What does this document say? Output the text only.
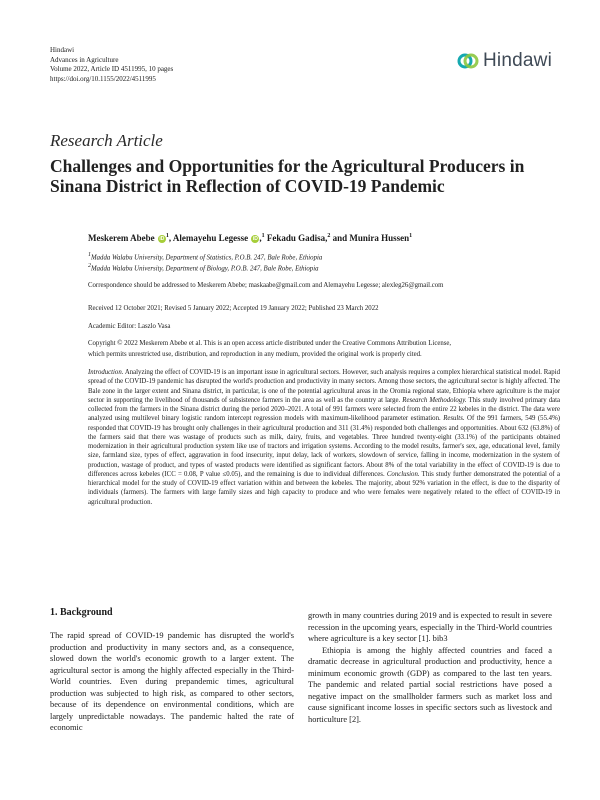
Hindawi
Advances in Agriculture
Volume 2022, Article ID 4511995, 10 pages
https://doi.org/10.1155/2022/4511995
Hindawi
Research Article
Challenges and Opportunities for the Agricultural Producers in Sinana District in Reflection of COVID-19 Pandemic
Meskerem Abebe iD $^1$, Alemayehu Legesse iD ,$^1$ Fekadu Gadisa,$^2$ and Munira Hussen$^1$
$^1$Madda Walabu University, Department of Statistics, P.O.B. 247, Bale Robe, Ethiopia
$^2$Madda Walabu University, Department of Biology, P.O.B. 247, Bale Robe, Ethiopia
Correspondence should be addressed to Meskerem Abebe; maskaabe@gmail.com and Alemayehu Legesse; alexleg26@gmail.com
Received 12 October 2021; Revised 5 January 2022; Accepted 19 January 2022; Published 23 March 2022
Academic Editor: Laszlo Vasa
Copyright © 2022 Meskerem Abebe et al. This is an open access article distributed under the Creative Commons Attribution License,
which permits unrestricted use, distribution, and reproduction in any medium, provided the original work is properly cited.

Introduction. Analyzing the effect of COVID-19 is an important issue in agricultural sectors. However, such analysis requires a complex hierarchical statistical model. Rapid spread of the COVID-19 pandemic has disrupted the world's production and productivity in many sectors. Among those sectors, the agricultural sector is highly affected. The Bale zone in the larger extent and Sinana district, in particular, is one of the potential agricultural areas in the Oromia regional state, Ethiopia where agriculture is the major sector in supporting the livelihood of thousands of subsistence farmers in the area as well as the country at large. Research Methodology. This study involved primary data collected from the farmers in the Sinana district during the period 2020–2021. A total of 991 farmers were selected from the entire 22 kebeles in the district. The data were analyzed using multilevel binary logistic random intercept regression models with maximum-likelihood parameter estimation. Results. Of the 991 farmers, 549 (55.4%) responded that COVID-19 has brought only challenges in their agricultural production and 311 (31.4%) responded both challenges and opportunities. About 632 (63.8%) of the farmers said that there was wastage of products such as milk, dairy, fruits, and vegetables. Three hundred twenty-eight (33.1%) of the participants obtained modernization in their agricultural production system like use of tractors and irrigation systems. According to the model results, farmer's sex, age, educational level, family size, farmland size, types of effect, aggravation in food insecurity, input delay, lack of workers, slowdown of service, falling in income, modernization in the system of production, wastage of product, and types of wasted products were identified as significant factors. About 8% of the total variability in the effect of COVID-19 is due to differences across kebeles (ICC = 0.08, P value ≤0.05), and the remaining is due to individual differences. Conclusion. This study further demonstrated the potential of a hierarchical model for the study of COVID-19 effect variation within and between the kebeles. The majority, about 92% variation in the effect, is due to the disparity of individuals (farmers). The farmers with large family sizes and high capacity to produce and who were females were negatively related to the effect of COVID-19 in agricultural production.

1. Background

The rapid spread of COVID-19 pandemic has disrupted the world's production and productivity in many sectors and, as a consequence, slowed down the world's economic growth to a larger extent. The agricultural sector is among the highly affected especially in the Third-World countries. Even during prepandemic times, agricultural production was subjected to high risk, as compared to other sectors, because of its dependence on environmental conditions, which are largely unpredictable nowadays. The pandemic halted the rate of economic

growth in many countries during 2019 and is expected to result in severe recession in the upcoming years, especially in the Third-World countries where agriculture is a key sector [1]. bib3

Ethiopia is among the highly affected countries and faced a dramatic decrease in agricultural production and productivity, hence a minimum economic growth (GDP) as compared to the last ten years. The pandemic and related partial social restrictions have posed a negative impact on the smallholder farmers such as market loss and cause significant income losses in specific sectors such as livestock and horticulture [2].
